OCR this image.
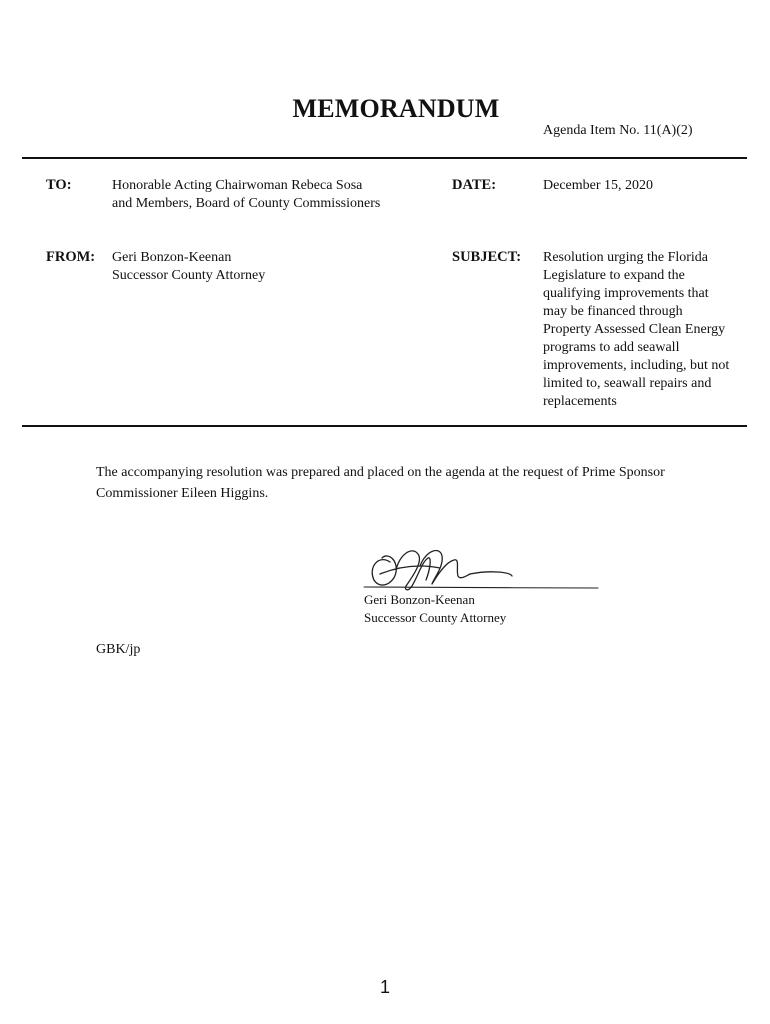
MEMORANDUM
Agenda Item No. 11(A)(2)
TO:	Honorable Acting Chairwoman Rebeca Sosa
and Members, Board of County Commissioners
DATE:	December 15, 2020
FROM: Geri Bonzon-Keenan
Successor County Attorney
SUBJECT: Resolution urging the Florida
Legislature to expand the
qualifying improvements that
may be financed through
Property Assessed Clean Energy
programs to add seawall
improvements, including, but not
limited to, seawall repairs and
replacements
The accompanying resolution was prepared and placed on the agenda at the request of Prime Sponsor
Commissioner Eileen Higgins.
Geri Bonzon-Keenan
Successor County Attorney
GBK/jp
1
